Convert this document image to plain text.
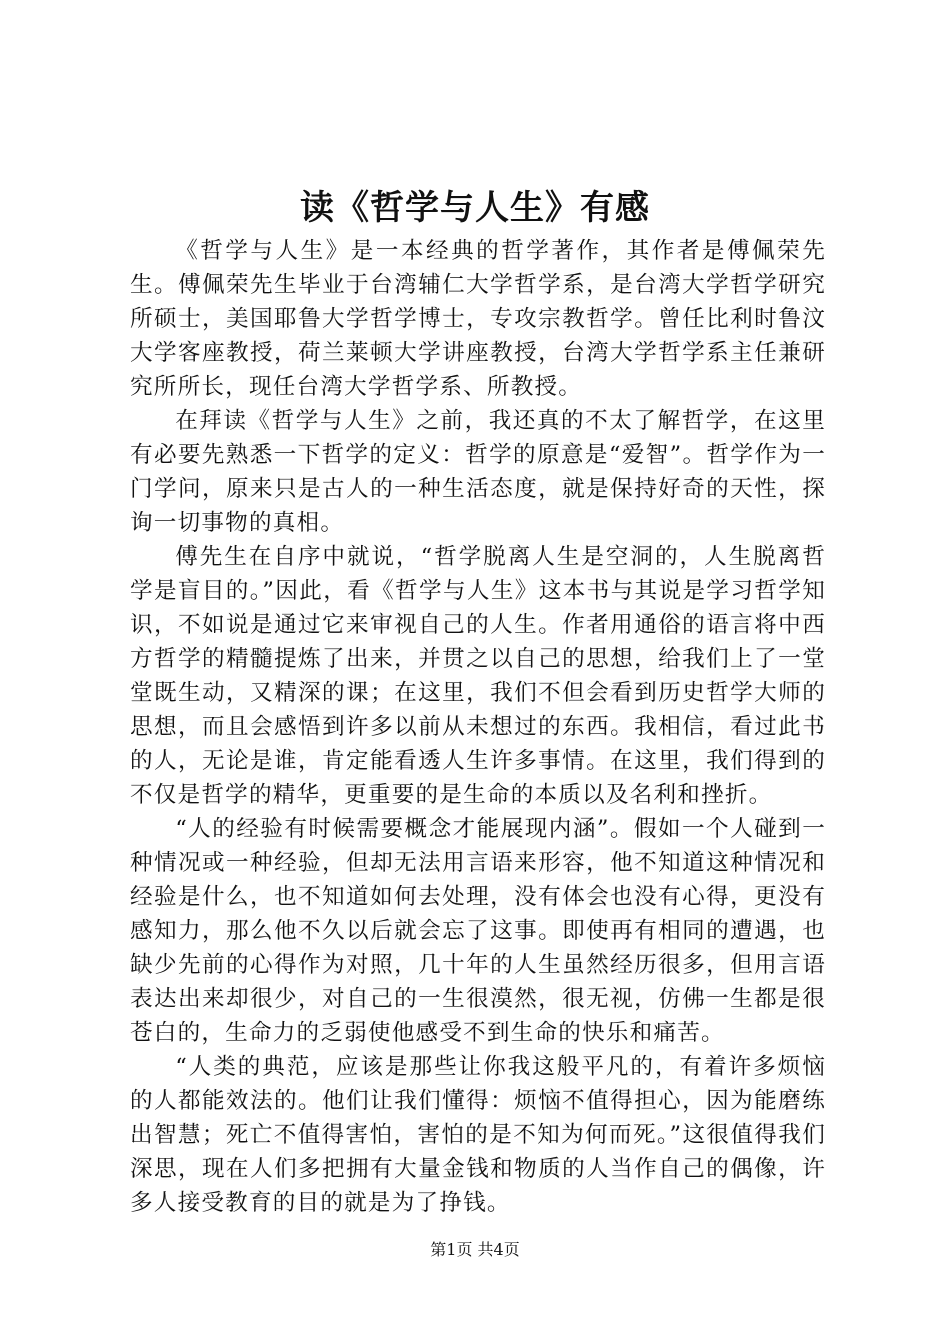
读《哲学与人生》有感

《哲学与人生》是一本经典的哲学著作，其作者是傅佩荣先生。傅佩荣先生毕业于台湾辅仁大学哲学系，是台湾大学哲学研究所硕士，美国耶鲁大学哲学博士，专攻宗教哲学。曾任比利时鲁汶大学客座教授，荷兰莱顿大学讲座教授，台湾大学哲学系主任兼研究所所长，现任台湾大学哲学系、所教授。

在拜读《哲学与人生》之前，我还真的不太了解哲学，在这里有必要先熟悉一下哲学的定义：哲学的原意是“爱智”。哲学作为一门学问，原来只是古人的一种生活态度，就是保持好奇的天性，探询一切事物的真相。

傅先生在自序中就说，“哲学脱离人生是空洞的，人生脱离哲学是盲目的。”因此，看《哲学与人生》这本书与其说是学习哲学知识，不如说是通过它来审视自己的人生。作者用通俗的语言将中西方哲学的精髓提炼了出来，并贯之以自己的思想，给我们上了一堂堂既生动，又精深的课；在这里，我们不但会看到历史哲学大师的思想，而且会感悟到许多以前从未想过的东西。我相信，看过此书的人，无论是谁，肯定能看透人生许多事情。在这里，我们得到的不仅是哲学的精华，更重要的是生命的本质以及名利和挫折。

“人的经验有时候需要概念才能展现内涵”。假如一个人碰到一种情况或一种经验，但却无法用言语来形容，他不知道这种情况和经验是什么，也不知道如何去处理，没有体会也没有心得，更没有感知力，那么他不久以后就会忘了这事。即使再有相同的遭遇，也缺少先前的心得作为对照，几十年的人生虽然经历很多，但用言语表达出来却很少，对自己的一生很漠然，很无视，仿佛一生都是很苍白的，生命力的乏弱使他感受不到生命的快乐和痛苦。

“人类的典范，应该是那些让你我这般平凡的，有着许多烦恼的人都能效法的。他们让我们懂得：烦恼不值得担心，因为能磨练出智慧；死亡不值得害怕，害怕的是不知为何而死。”这很值得我们深思，现在人们多把拥有大量金钱和物质的人当作自己的偶像，许多人接受教育的目的就是为了挣钱。

第1页 共4页
